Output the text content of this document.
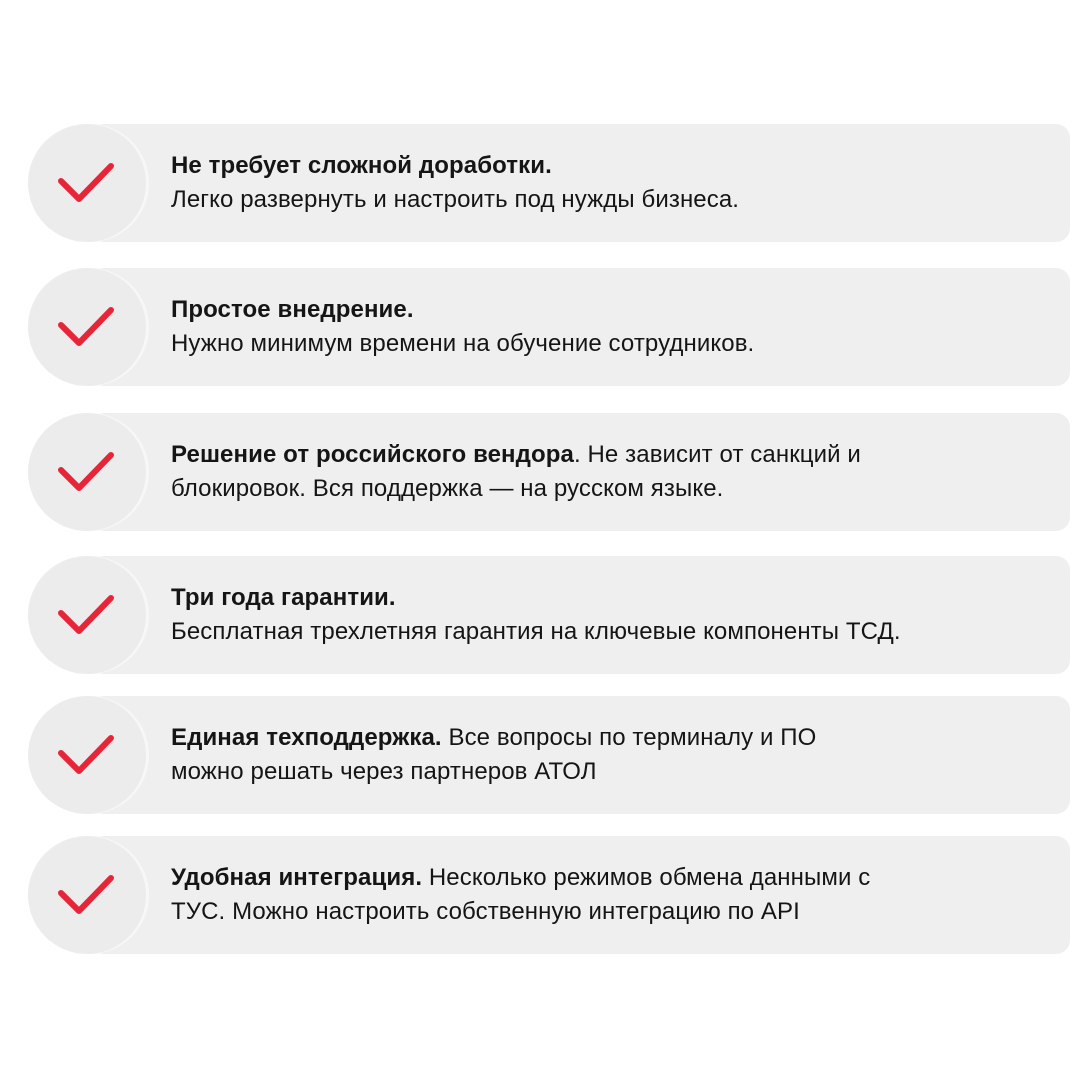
Не требует сложной доработки.
Легко развернуть и настроить под нужды бизнеса.
Простое внедрение.
Нужно минимум времени на обучение сотрудников.
Решение от российского вендора. Не зависит от санкций и
блокировок. Вся поддержка — на русском языке.
Три года гарантии.
Бесплатная трехлетняя гарантия на ключевые компоненты ТСД.
Единая техподдержка. Все вопросы по терминалу и ПО
можно решать через партнеров АТОЛ
Удобная интеграция. Несколько режимов обмена данными с
ТУС. Можно настроить собственную интеграцию по API
